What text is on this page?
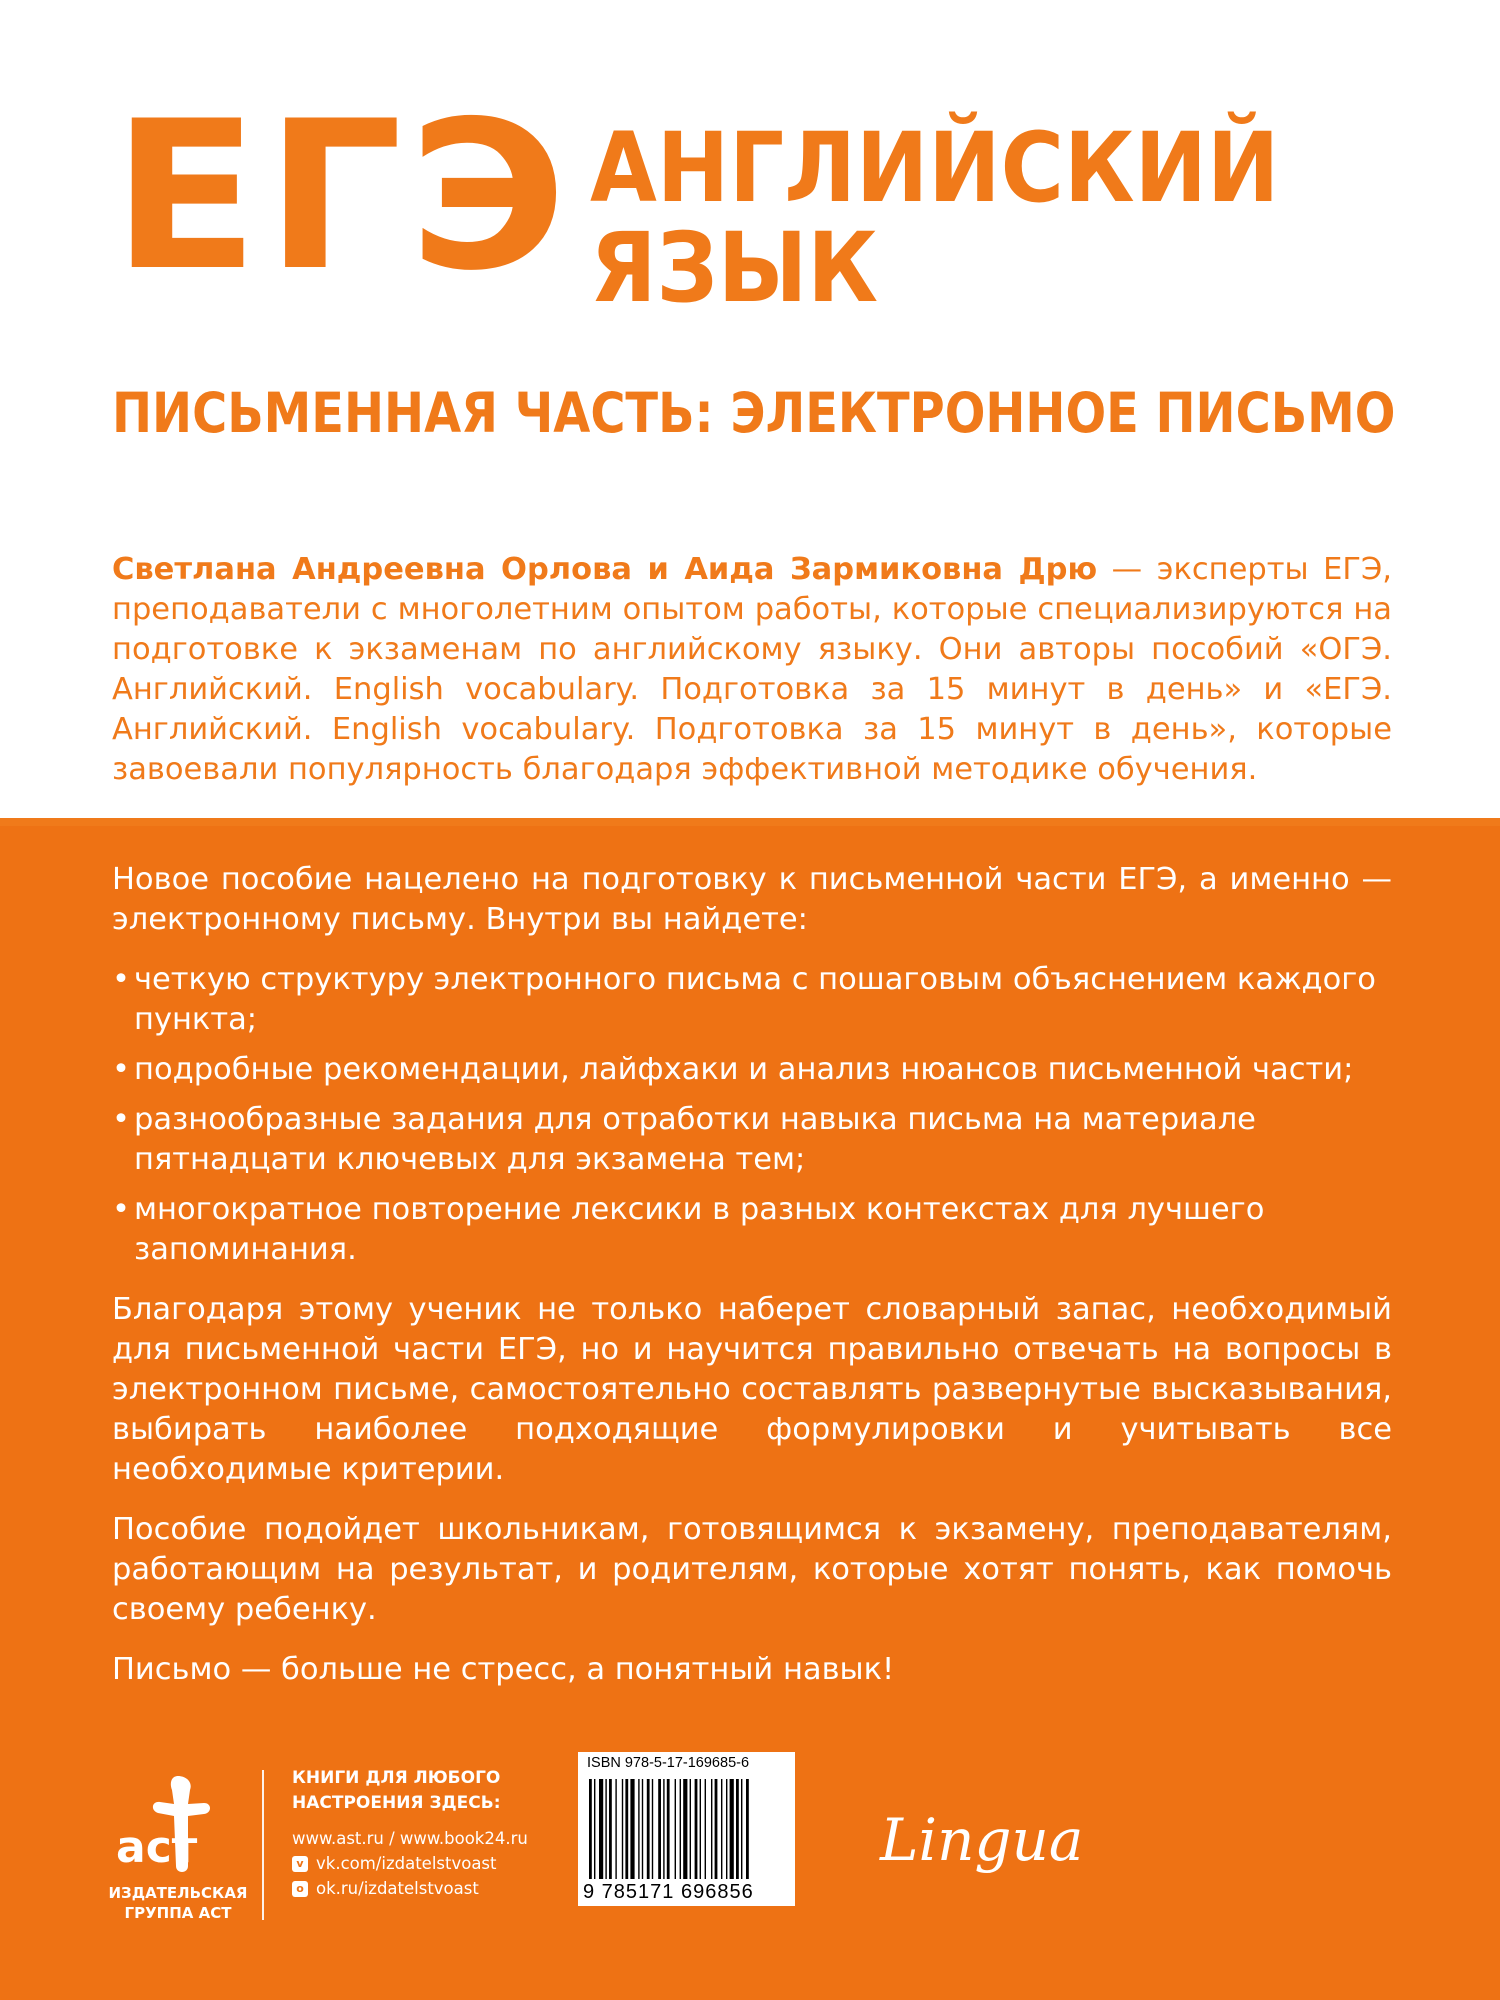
ЕГЭ АНГЛИЙСКИЙ
ЯЗЫК
ПИСЬМЕННАЯ ЧАСТЬ: ЭЛЕКТРОННОЕ ПИСЬМО
Светлана Андреевна Орлова и Аида Зармиковна Дрю — эксперты ЕГЭ, преподаватели с многолетним опытом работы, которые специализируются на подготовке к экзаменам по английскому языку. Они авторы пособий «ОГЭ. Английский. English vocabulary. Подготовка за 15 минут в день» и «ЕГЭ. Английский. English vocabulary. Подготовка за 15 минут в день», которые завоевали популярность благодаря эффективной методике обучения.

Новое пособие нацелено на подготовку к письменной части ЕГЭ, а именно — электронному письму. Внутри вы найдете:

• четкую структуру электронного письма с пошаговым объяснением каждого пункта;
• подробные рекомендации, лайфхаки и анализ нюансов письменной части;
• разнообразные задания для отработки навыка письма на материале пятнадцати ключевых для экзамена тем;
• многократное повторение лексики в разных контекстах для лучшего запоминания.

Благодаря этому ученик не только наберет словарный запас, необходимый для письменной части ЕГЭ, но и научится правильно отвечать на вопросы в электронном письме, самостоятельно составлять развернутые высказывания, выбирать наиболее подходящие формулировки и учитывать все необходимые критерии.

Пособие подойдет школьникам, готовящимся к экзамену, преподавателям, работающим на результат, и родителям, которые хотят понять, как помочь своему ребенку.

Письмо — больше не стресс, а понятный навык!

аст
ИЗДАТЕЛЬСКАЯ
ГРУППА АСТ
КНИГИ ДЛЯ ЛЮБОГО
НАСТРОЕНИЯ ЗДЕСЬ:
www.ast.ru / www.book24.ru
v vk.com/izdatelstvoast
o ok.ru/izdatelstvoast
ISBN 978-5-17-169685-6
9 785171 696856
Lingua
